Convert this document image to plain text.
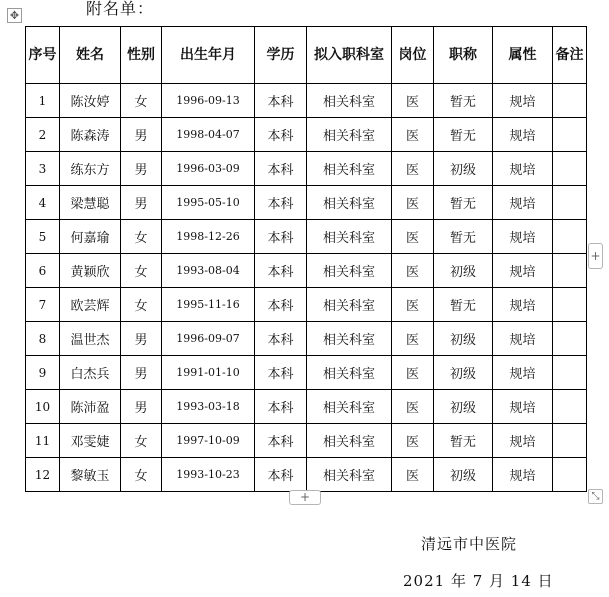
✥	附名单：
序号	姓名	性别	出生年月	学历	拟入职科室	岗位	职称	属性	备注
1	陈汝婷	女	1996-09-13	本科	相关科室	医	暂无	规培	
2	陈森涛	男	1998-04-07	本科	相关科室	医	暂无	规培	
3	练东方	男	1996-03-09	本科	相关科室	医	初级	规培	
4	梁慧聪	男	1995-05-10	本科	相关科室	医	暂无	规培	
5	何嘉瑜	女	1998-12-26	本科	相关科室	医	暂无	规培	
6	黄颖欣	女	1993-08-04	本科	相关科室	医	初级	规培	
7	欧芸辉	女	1995-11-16	本科	相关科室	医	暂无	规培	
8	温世杰	男	1996-09-07	本科	相关科室	医	初级	规培	
9	白杰兵	男	1991-01-10	本科	相关科室	医	初级	规培	
10	陈沛盈	男	1993-03-18	本科	相关科室	医	初级	规培	
11	邓雯婕	女	1997-10-09	本科	相关科室	医	暂无	规培	
12	黎敏玉	女	1993-10-23	本科	相关科室	医	初级	规培	
+
+	⤡
清远市中医院
2021 年 7 月 14 日
